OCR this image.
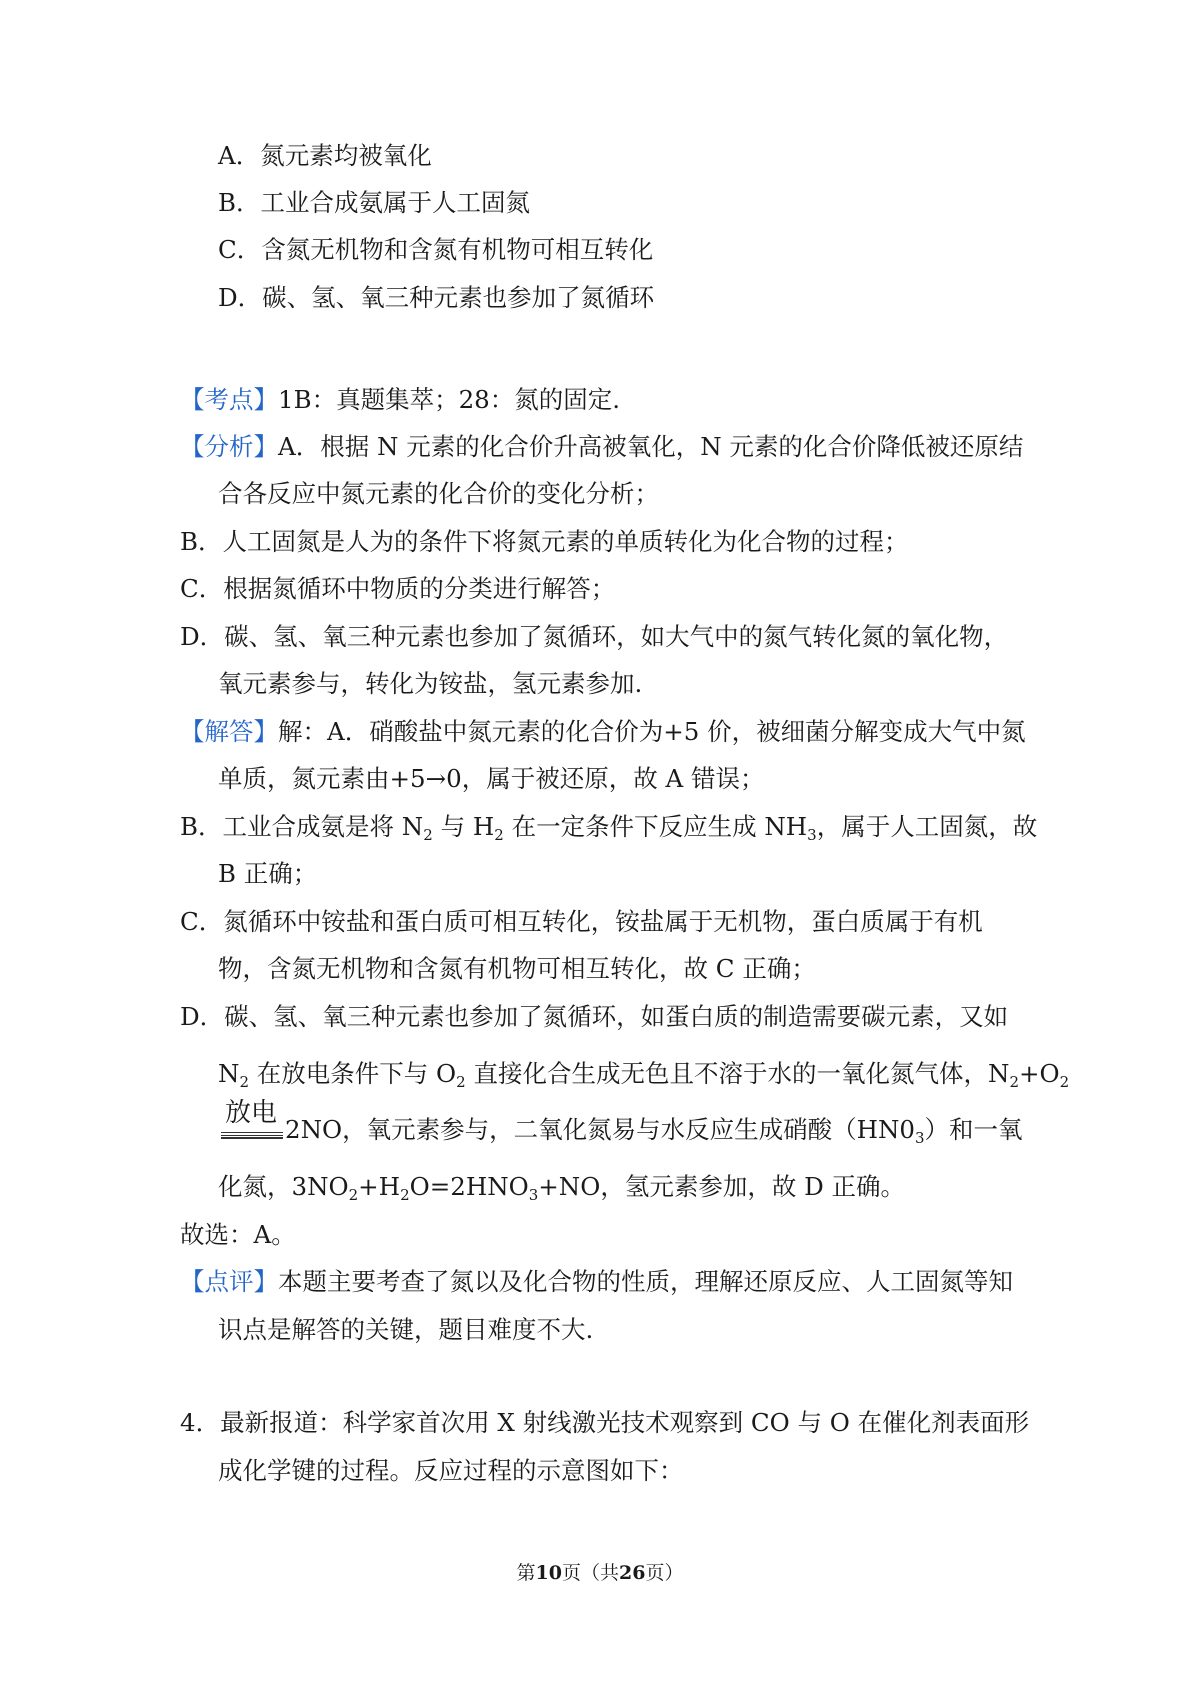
A．氮元素均被氧化
B．工业合成氨属于人工固氮
C．含氮无机物和含氮有机物可相互转化
D．碳、氢、氧三种元素也参加了氮循环
【考点】1B：真题集萃；28：氮的固定.
【分析】A．根据 N 元素的化合价升高被氧化，N 元素的化合价降低被还原结
合各反应中氮元素的化合价的变化分析；
B．人工固氮是人为的条件下将氮元素的单质转化为化合物的过程；
C．根据氮循环中物质的分类进行解答；
D．碳、氢、氧三种元素也参加了氮循环，如大气中的氮气转化氮的氧化物，
氧元素参与，转化为铵盐，氢元素参加.
【解答】解：A．硝酸盐中氮元素的化合价为+5 价，被细菌分解变成大气中氮
单质，氮元素由+5→0，属于被还原，故 A 错误；
B．工业合成氨是将 $N_2$ 与 $H_2$ 在一定条件下反应生成 $NH_3$，属于人工固氮，故
B 正确；
C．氮循环中铵盐和蛋白质可相互转化，铵盐属于无机物，蛋白质属于有机
物，含氮无机物和含氮有机物可相互转化，故 C 正确；
D．碳、氢、氧三种元素也参加了氮循环，如蛋白质的制造需要碳元素，又如
$N_2$ 在放电条件下与 $O_2$ 直接化合生成无色且不溶于水的一氧化氮气体，$N_2+O_2$
放电
2NO，氧元素参与，二氧化氮易与水反应生成硝酸$(HN0_3)$和一氧
化氮，$3NO_2+H_2O=2HNO_3+NO$，氢元素参加，故 D 正确。
故选：A。
【点评】本题主要考查了氮以及化合物的性质，理解还原反应、人工固氮等知
识点是解答的关键，题目难度不大.
4．最新报道：科学家首次用 X 射线激光技术观察到 CO 与 O 在催化剂表面形
成化学键的过程。反应过程的示意图如下：
第10页（共26页）
